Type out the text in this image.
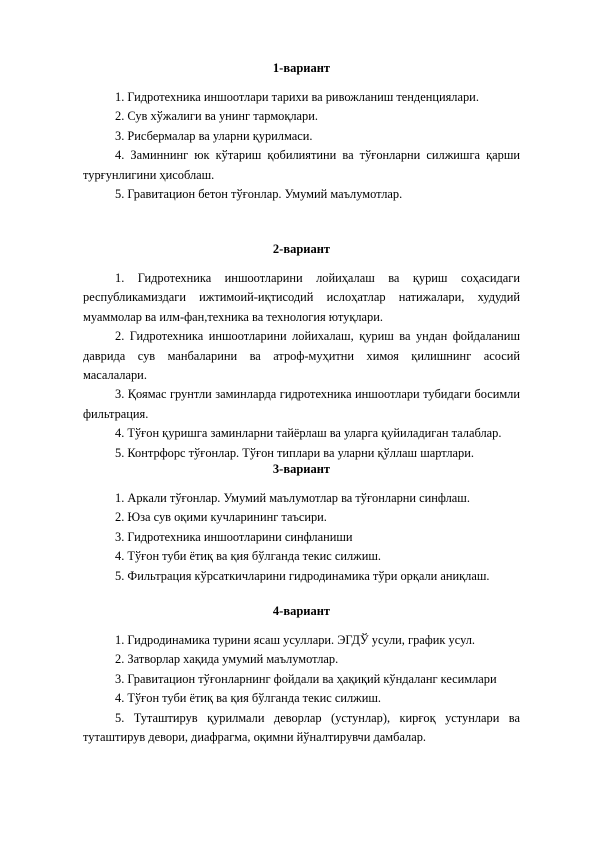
1-вариант
1. Гидротехника иншоотлари тарихи ва ривожланиш тенденциялари.
2. Сув хўжалиги ва унинг тармоқлари.
3. Рисбермалар ва уларни қурилмаси.
4. Заминнинг юк кўтариш қобилиятини ва тўғонларни силжишга қарши турғунлигини ҳисоблаш.
5. Гравитацион бетон тўғонлар. Умумий маълумотлар.
2-вариант
1. Гидротехника иншоотларини лойиҳалаш ва қуриш соҳасидаги республикамиздаги ижтимоий-иқтисодий ислоҳатлар натижалари, худудий муаммолар ва илм-фан,техника ва технология ютуқлари.
2. Гидротехника иншоотларини лойихалаш, қуриш ва ундан фойдаланиш даврида сув манбаларини ва атроф-муҳитни химоя қилишнинг асосий масалалари.
3. Қоямас грунтли заминларда гидротехника иншоотлари тубидаги босимли фильтрация.
4. Тўғон қуришга заминларни тайёрлаш ва уларга қуйиладиган талаблар.
5. Контрфорс тўғонлар. Тўғон типлари ва уларни қўллаш шартлари.
3-вариант
1. Аркали тўғонлар. Умумий маълумотлар ва тўғонларни синфлаш.
2. Юза сув оқими кучларининг таъсири.
3. Гидротехника иншоотларини синфланиши
4. Тўғон туби ётиқ ва қия бўлганда текис силжиш.
5. Фильтрация кўрсаткичларини гидродинамика тўри орқали аниқлаш.
4-вариант
1. Гидродинамика турини ясаш усуллари. ЭГДЎ усули, график усул.
2. Затворлар хақида умумий маълумотлар.
3. Гравитацион тўғонларнинг фойдали ва ҳақиқий кўндаланг кесимлари
4. Тўғон туби ётиқ ва қия бўлганда текис силжиш.
5. Туташтирув қурилмали деворлар (устунлар), кирғоқ устунлари ва туташтирув девори, диафрагма, оқимни йўналтирувчи дамбалар.
